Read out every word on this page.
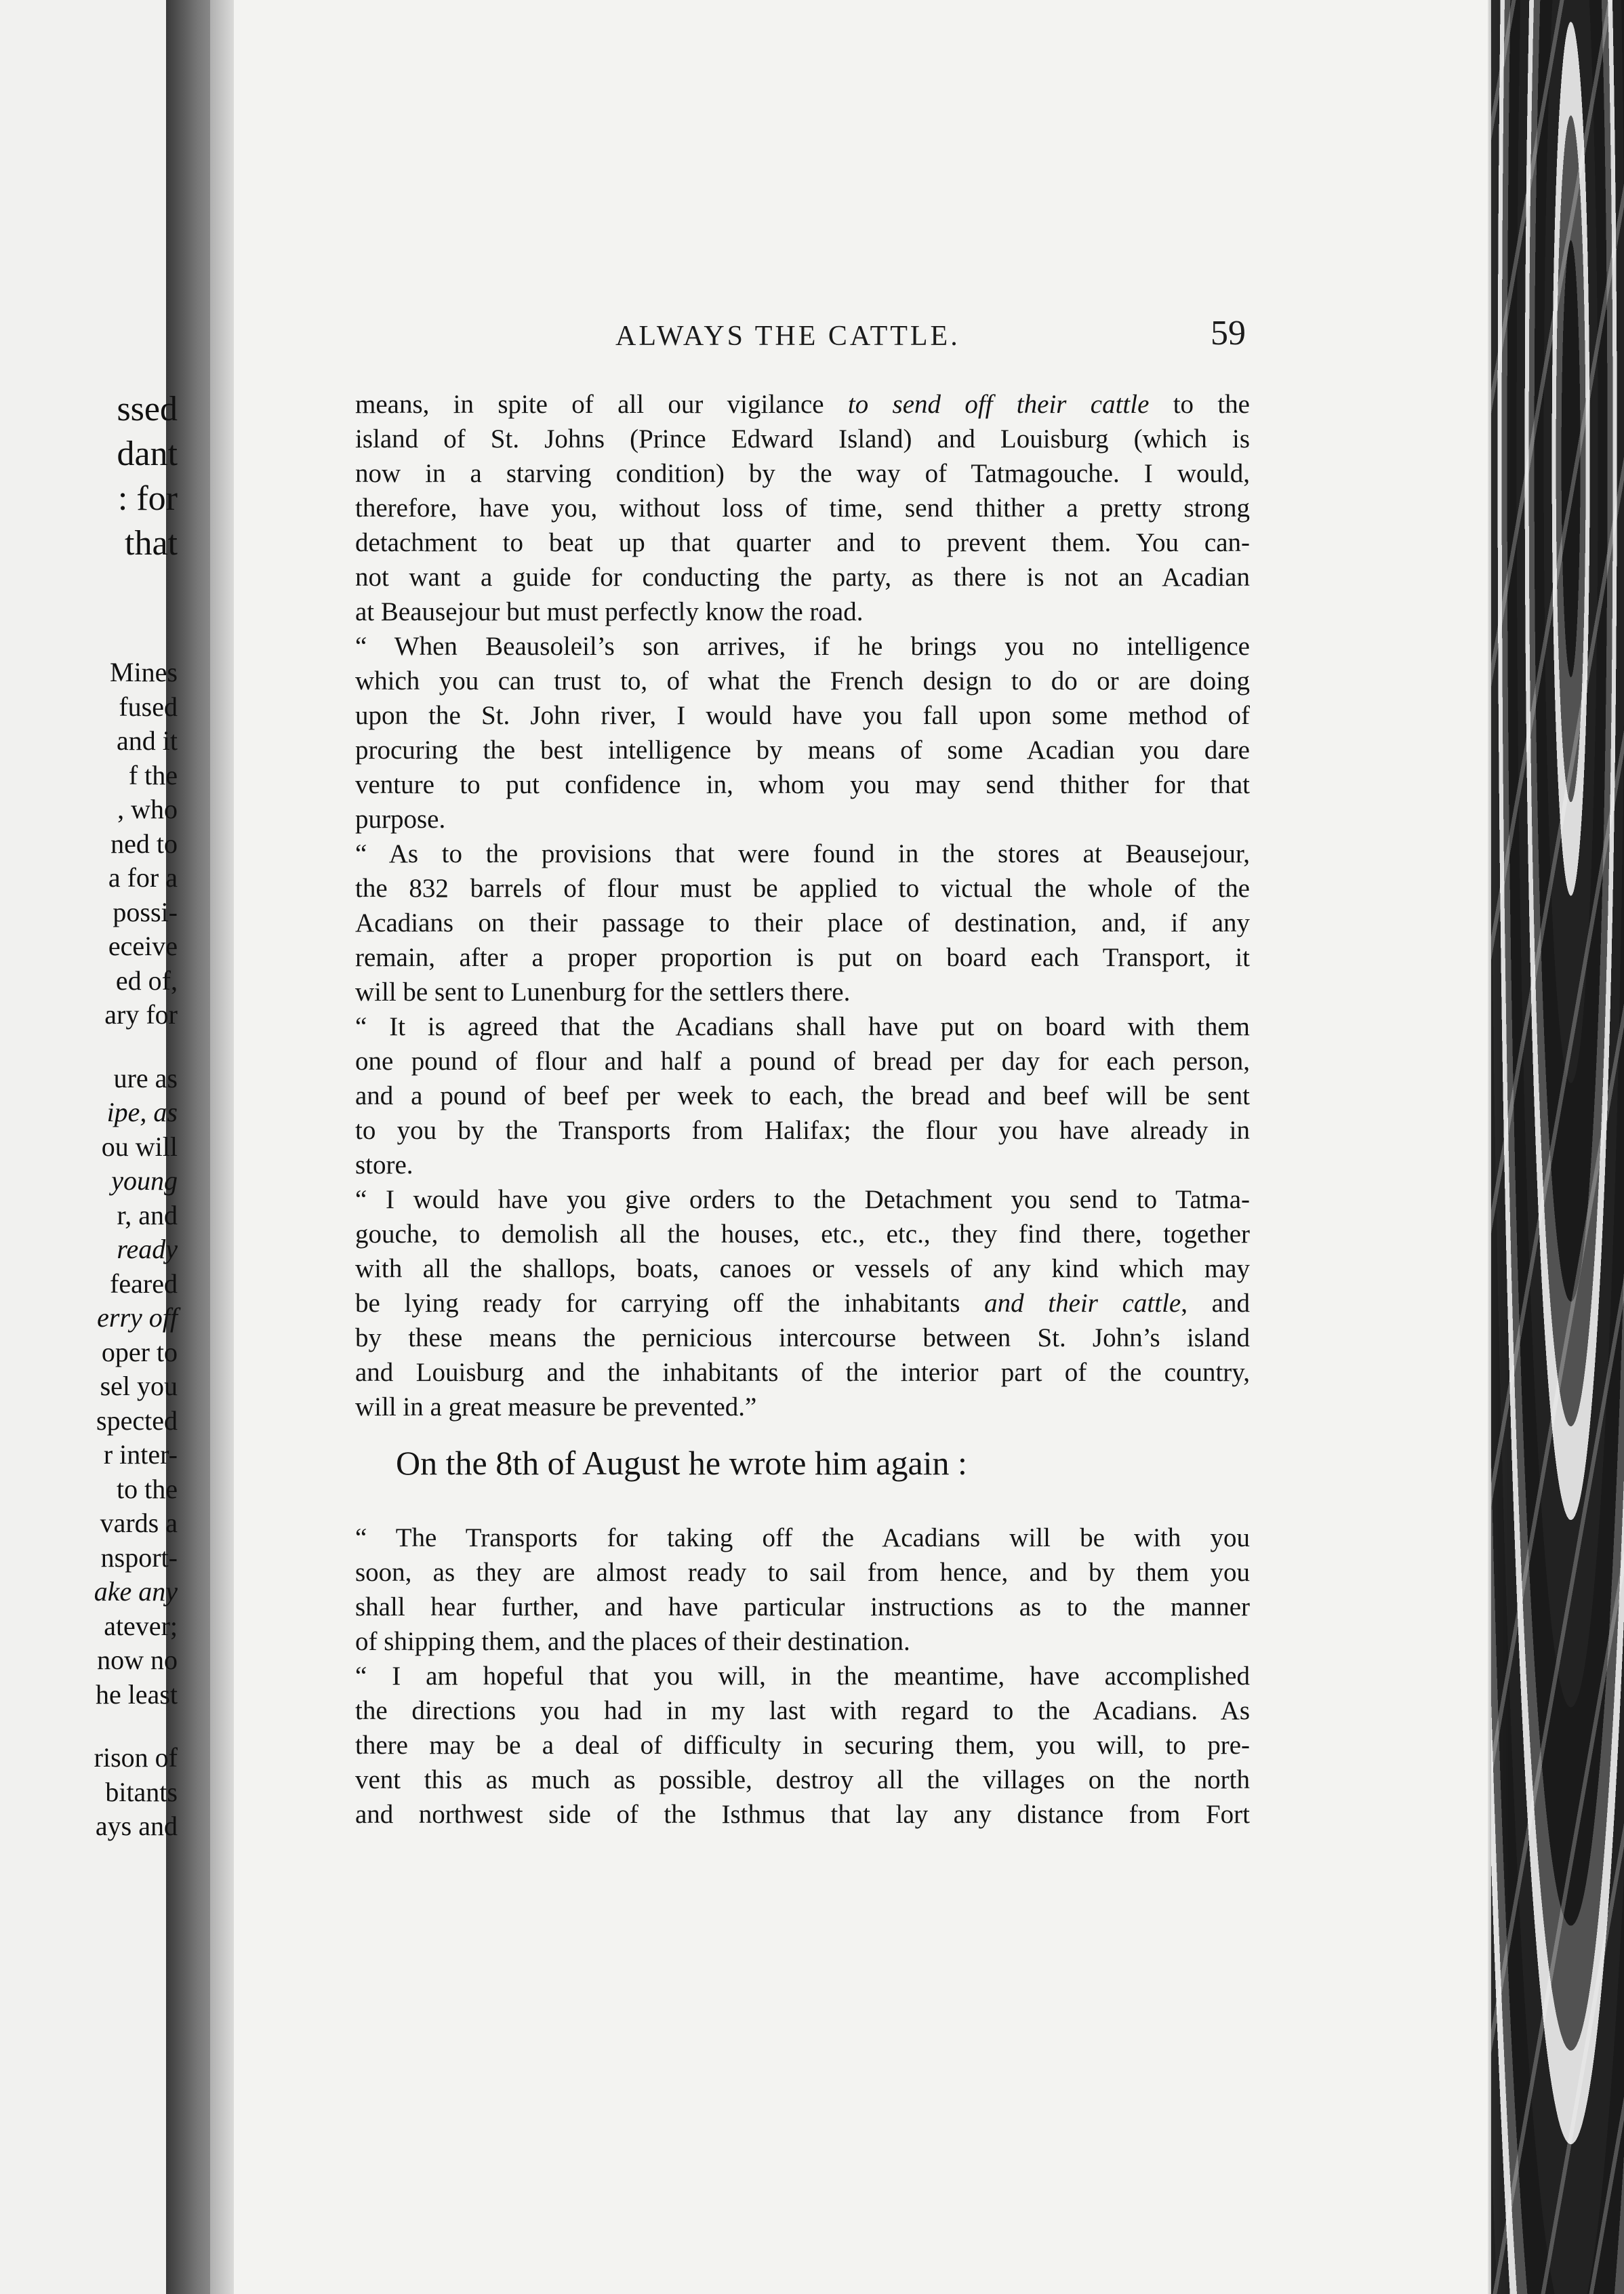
ssed
dant
: for
that
Mines
fused
and it
f the
, who
ned to
a for a
possi-
eceive
ed of,
ary for
ure as
ipe, as
ou will
young
r, and
ready
feared
erry off
oper to
sel you
spected
r inter-
to the
vards a
nsport-
ake any
atever;
now no
he least
rison of
bitants
ays and
ALWAYS THE CATTLE.	59
means, in spite of all our vigilance to send off their cattle to the
island of St. Johns (Prince Edward Island) and Louisburg (which is
now in a starving condition) by the way of Tatmagouche. I would,
therefore, have you, without loss of time, send thither a pretty strong
detachment to beat up that quarter and to prevent them. You can-
not want a guide for conducting the party, as there is not an Acadian
at Beausejour but must perfectly know the road.
“ When Beausoleil’s son arrives, if he brings you no intelligence
which you can trust to, of what the French design to do or are doing
upon the St. John river, I would have you fall upon some method of
procuring the best intelligence by means of some Acadian you dare
venture to put confidence in, whom you may send thither for that
purpose.
“ As to the provisions that were found in the stores at Beausejour,
the 832 barrels of flour must be applied to victual the whole of the
Acadians on their passage to their place of destination, and, if any
remain, after a proper proportion is put on board each Transport, it
will be sent to Lunenburg for the settlers there.
“ It is agreed that the Acadians shall have put on board with them
one pound of flour and half a pound of bread per day for each person,
and a pound of beef per week to each, the bread and beef will be sent
to you by the Transports from Halifax; the flour you have already in
store.
“ I would have you give orders to the Detachment you send to Tatma-
gouche, to demolish all the houses, etc., etc., they find there, together
with all the shallops, boats, canoes or vessels of any kind which may
be lying ready for carrying off the inhabitants and their cattle, and
by these means the pernicious intercourse between St. John’s island
and Louisburg and the inhabitants of the interior part of the country,
will in a great measure be prevented.”
On the 8th of August he wrote him again :
“ The Transports for taking off the Acadians will be with you
soon, as they are almost ready to sail from hence, and by them you
shall hear further, and have particular instructions as to the manner
of shipping them, and the places of their destination.
“ I am hopeful that you will, in the meantime, have accomplished
the directions you had in my last with regard to the Acadians. As
there may be a deal of difficulty in securing them, you will, to pre-
vent this as much as possible, destroy all the villages on the north
and northwest side of the Isthmus that lay any distance from Fort
